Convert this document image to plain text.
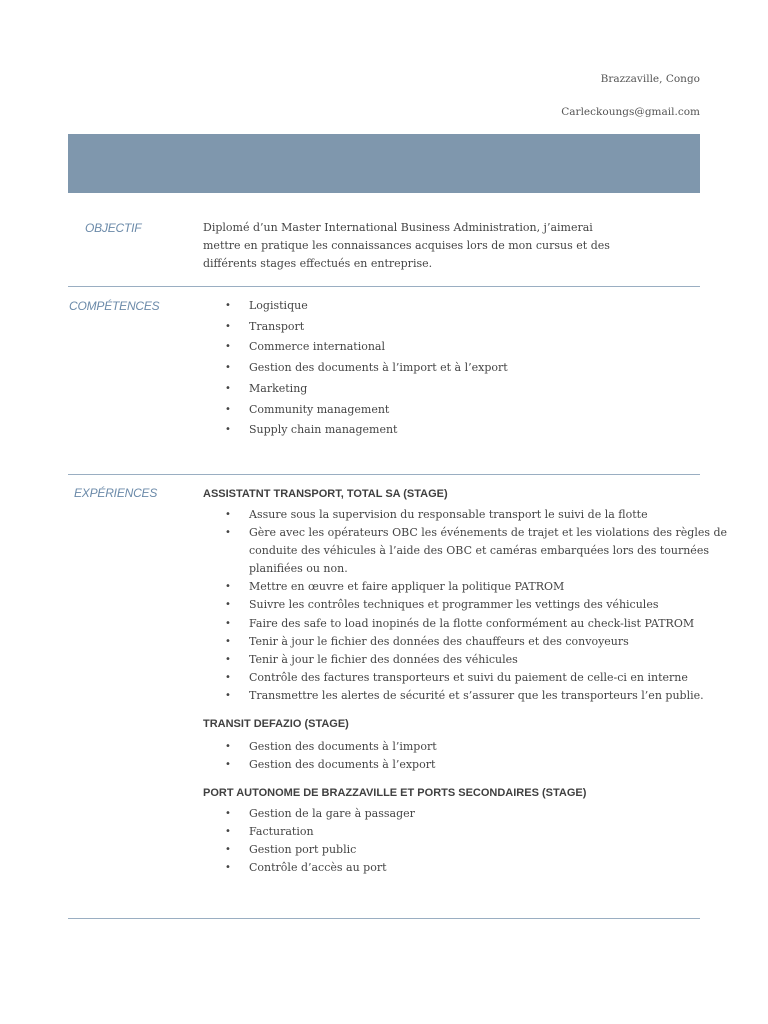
Brazzaville, Congo
Carleckoungs@gmail.com
OBJECTIF	Diplomé d’un Master International Business Administration, j’aimerai
mettre en pratique les connaissances acquises lors de mon cursus et des
différents stages effectués en entreprise.
COMPÉTENCES
•	Logistique
• Transport
• Commerce international
• Gestion des documents à l’import et à l’export
• Marketing
• Community management
• Supply chain management
EXPÉRIENCES	ASSISTATNT TRANSPORT, TOTAL SA (STAGE)
• Assure sous la supervision du responsable transport le suivi de la flotte
• Gère avec les opérateurs OBC les événements de trajet et les violations des règles de
conduite des véhicules à l’aide des OBC et caméras embarquées lors des tournées
planifiées ou non.
• Mettre en œuvre et faire appliquer la politique PATROM
• Suivre les contrôles techniques et programmer les vettings des véhicules
• Faire des safe to load inopinés de la flotte conformément au check-list PATROM
• Tenir à jour le fichier des données des chauffeurs et des convoyeurs
• Tenir à jour le fichier des données des véhicules
• Contrôle des factures transporteurs et suivi du paiement de celle-ci en interne
• Transmettre les alertes de sécurité et s’assurer que les transporteurs l’en publie.
TRANSIT DEFAZIO (STAGE)
• Gestion des documents à l’import
• Gestion des documents à l’export
PORT AUTONOME DE BRAZZAVILLE ET PORTS SECONDAIRES (STAGE)
• Gestion de la gare à passager
• Facturation
• Gestion port public
• Contrôle d’accès au port
